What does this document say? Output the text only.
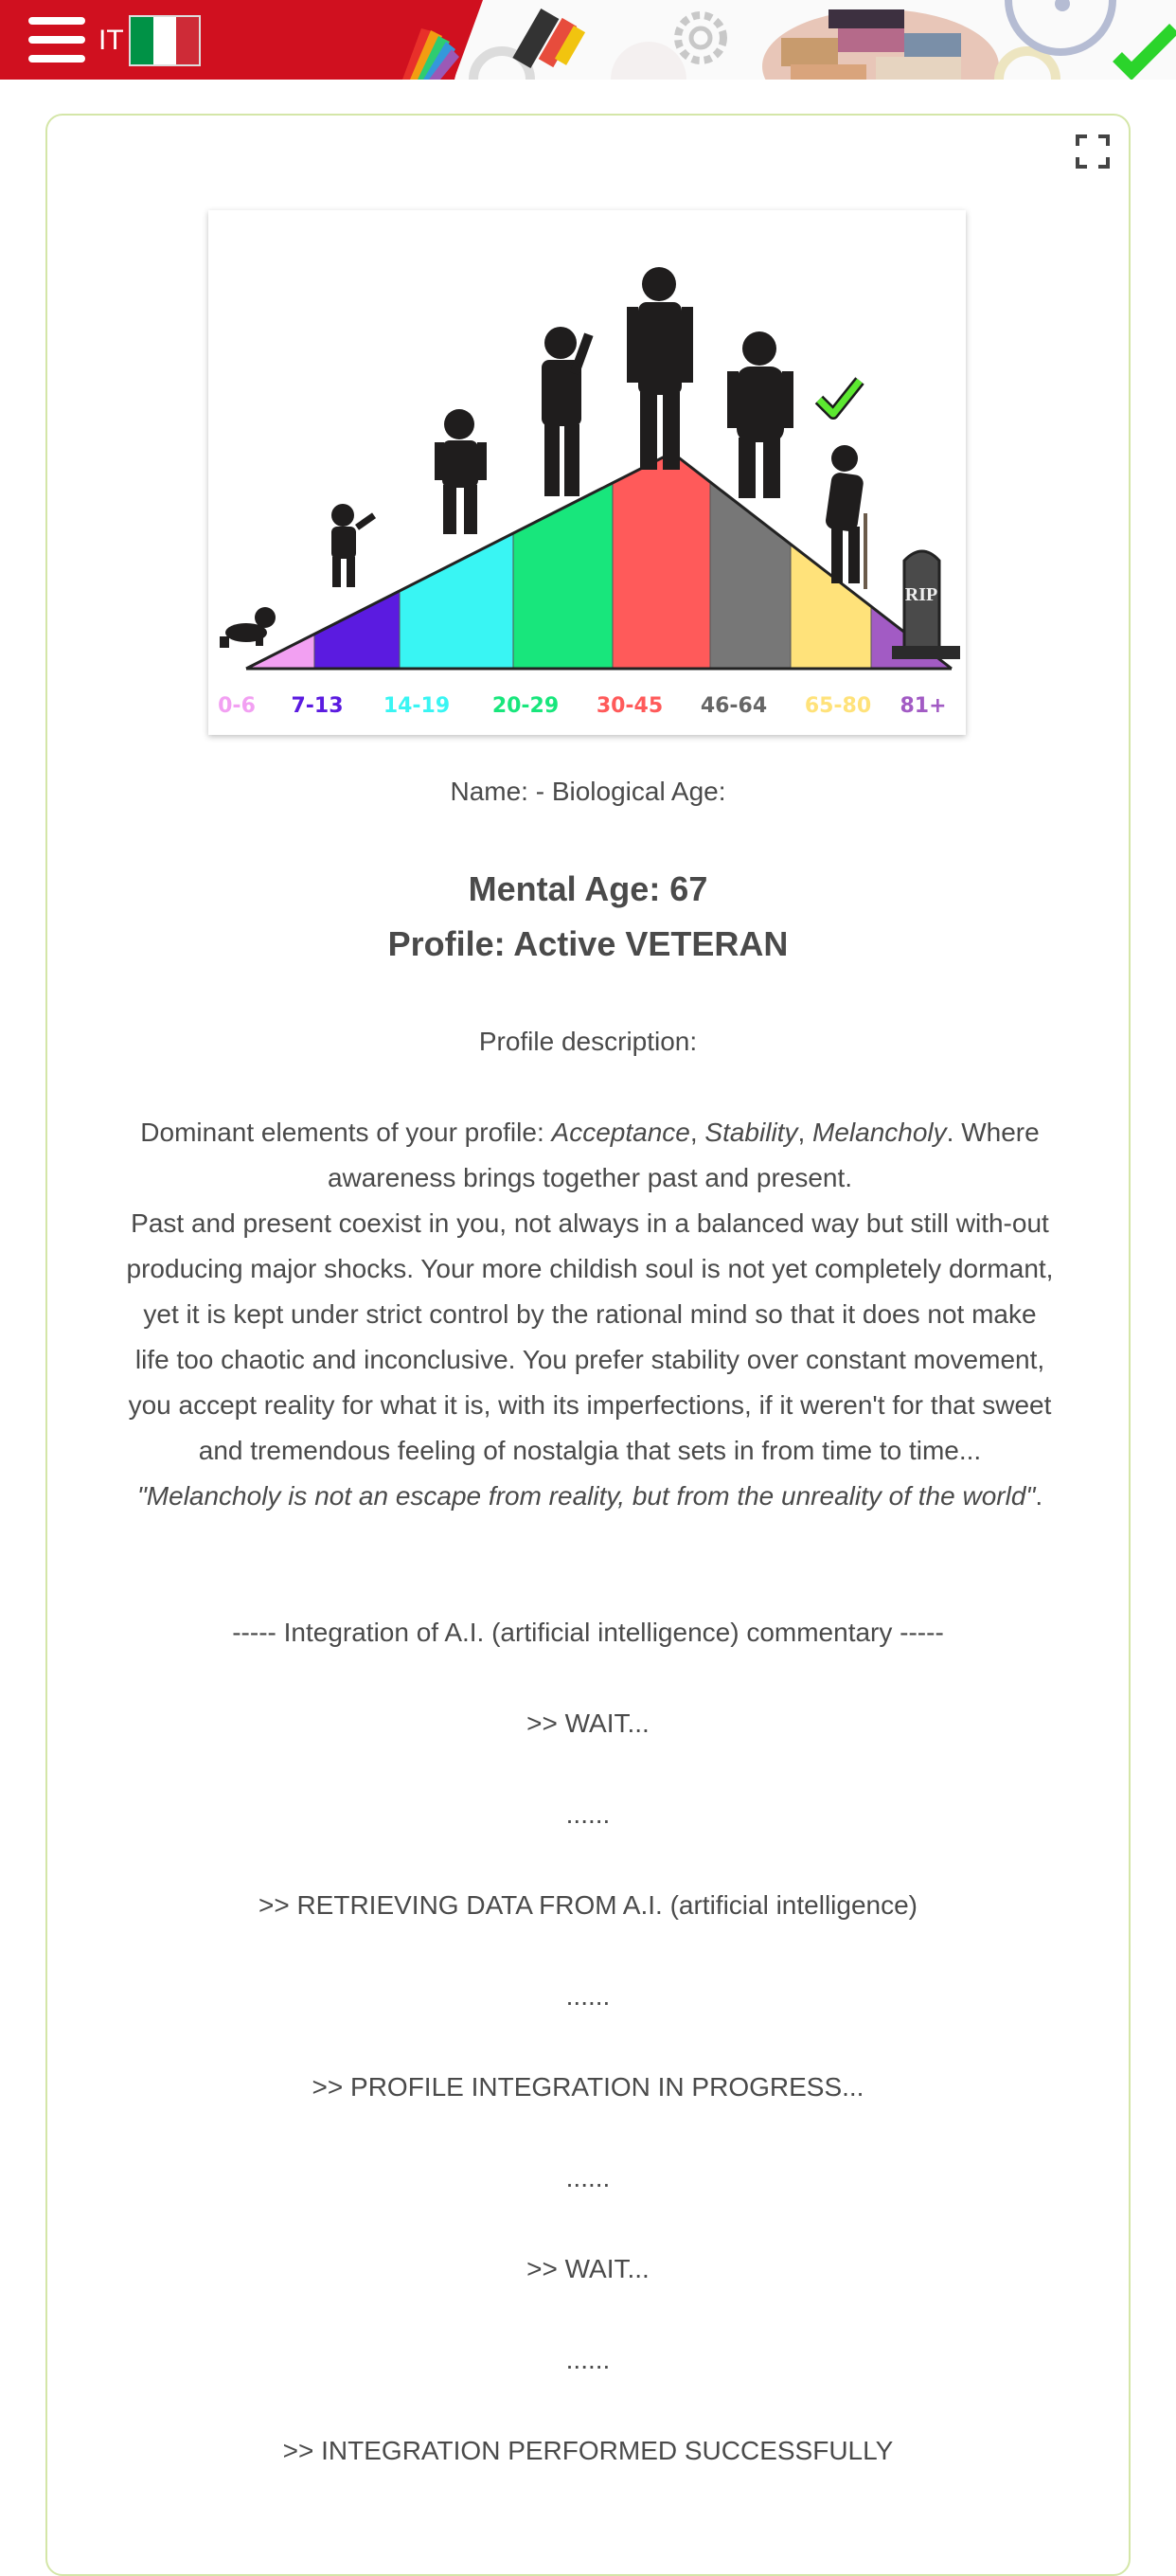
IT
0-6 7-13 14-19 20-29 30-45 46-64 65-80 81+
RIP
Name: - Biological Age:
Mental Age: 67
Profile: Active VETERAN
Profile description:
Dominant elements of your profile: Acceptance, Stability, Melancholy. Where awareness brings together past and present.
Past and present coexist in you, not always in a balanced way but still with-out producing major shocks. Your more childish soul is not yet completely dormant, yet it is kept under strict control by the rational mind so that it does not make life too chaotic and inconclusive. You prefer stability over constant movement, you accept reality for what it is, with its imperfections, if it weren't for that sweet and tremendous feeling of nostalgia that sets in from time to time...
"Melancholy is not an escape from reality, but from the unreality of the world".
----- Integration of A.I. (artificial intelligence) commentary -----
>> WAIT...
......
>> RETRIEVING DATA FROM A.I. (artificial intelligence)
......
>> PROFILE INTEGRATION IN PROGRESS...
......
>> WAIT...
......
>> INTEGRATION PERFORMED SUCCESSFULLY
